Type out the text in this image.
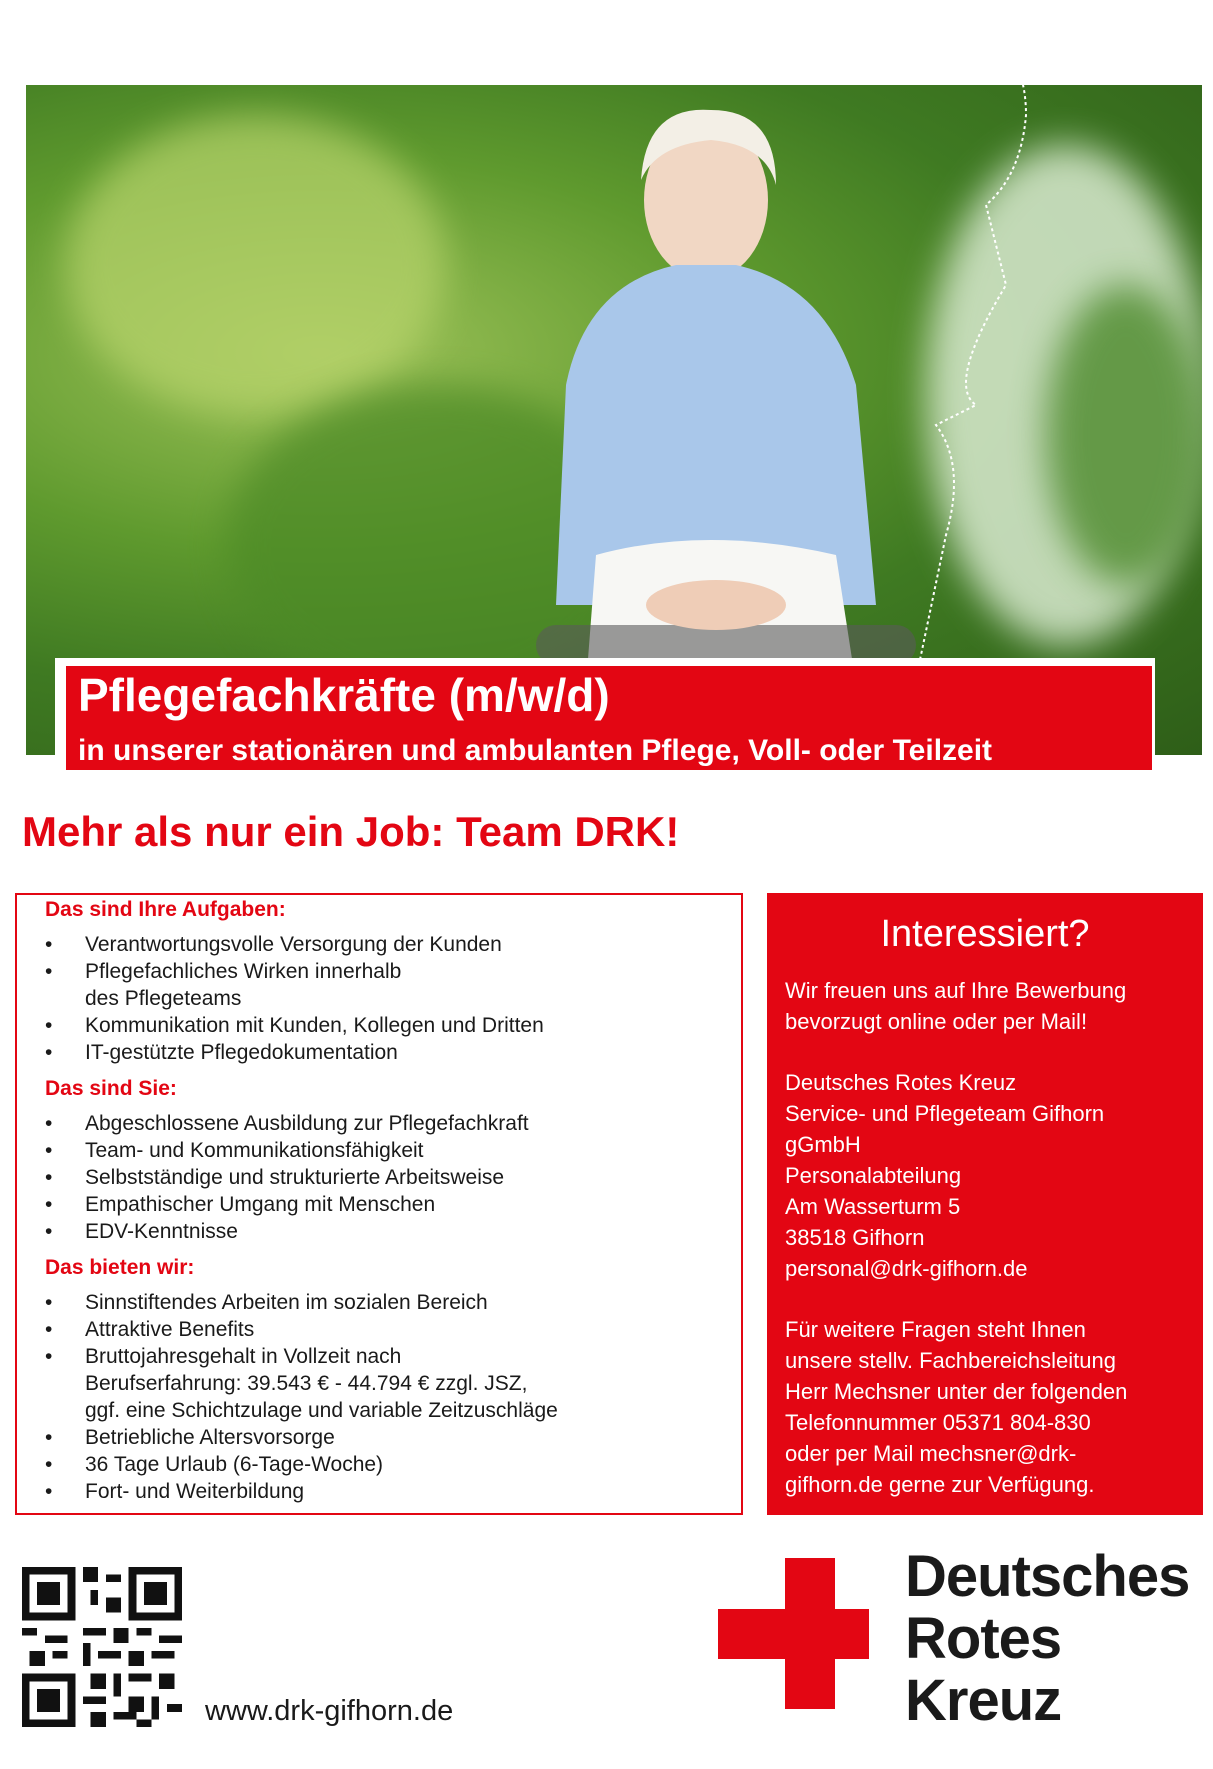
Pflegefachkräfte (m/w/d)
in unserer stationären und ambulanten Pflege, Voll- oder Teilzeit
Mehr als nur ein Job: Team DRK!
Das sind Ihre Aufgaben:
• Verantwortungsvolle Versorgung der Kunden
• Pflegefachliches Wirken innerhalb
des Pflegeteams
• Kommunikation mit Kunden, Kollegen und Dritten
• IT-gestützte Pflegedokumentation
Das sind Sie:
• Abgeschlossene Ausbildung zur Pflegefachkraft
• Team- und Kommunikationsfähigkeit
• Selbstständige und strukturierte Arbeitsweise
• Empathischer Umgang mit Menschen
• EDV-Kenntnisse
Das bieten wir:
• Sinnstiftendes Arbeiten im sozialen Bereich
• Attraktive Benefits
• Bruttojahresgehalt in Vollzeit nach
Berufserfahrung: 39.543 € - 44.794 € zzgl. JSZ,
ggf. eine Schichtzulage und variable Zeitzuschläge
• Betriebliche Altersvorsorge
• 36 Tage Urlaub (6-Tage-Woche)
• Fort- und Weiterbildung
Interessiert?
Wir freuen uns auf Ihre Bewerbung
bevorzugt online oder per Mail!
Deutsches Rotes Kreuz
Service- und Pflegeteam Gifhorn
gGmbH
Personalabteilung
Am Wasserturm 5
38518 Gifhorn
personal@drk-gifhorn.de
Für weitere Fragen steht Ihnen
unsere stellv. Fachbereichsleitung
Herr Mechsner unter der folgenden
Telefonnummer 05371 804-830
oder per Mail mechsner@drk-
gifhorn.de gerne zur Verfügung.
www.drk-gifhorn.de
Deutsches
Rotes
Kreuz
